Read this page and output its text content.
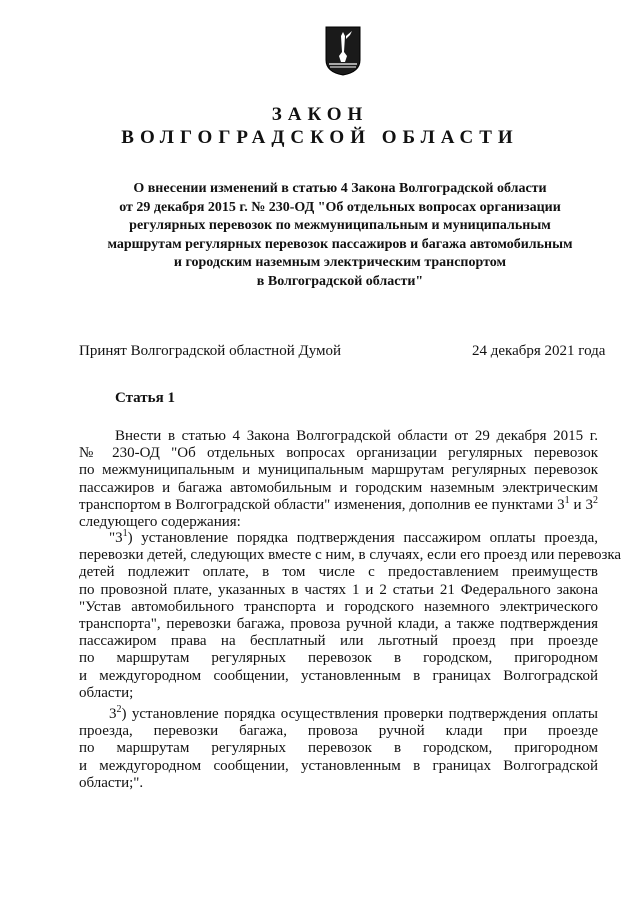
ЗАКОН
ВОЛГОГРАДСКОЙ ОБЛАСТИ
О внесении изменений в статью 4 Закона Волгоградской области
от 29 декабря 2015 г. № 230-ОД "Об отдельных вопросах организации
регулярных перевозок по межмуниципальным и муниципальным
маршрутам регулярных перевозок пассажиров и багажа автомобильным
и городским наземным электрическим транспортом
в Волгоградской области"
Принят Волгоградской областной Думой	24 декабря 2021 года
Статья 1
Внести в статью 4 Закона Волгоградской области от 29 декабря 2015 г.
№ 230-ОД "Об отдельных вопросах организации регулярных перевозок
по межмуниципальным и муниципальным маршрутам регулярных перевозок
пассажиров и багажа автомобильным и городским наземным электрическим
транспортом в Волгоградской области" изменения, дополнив ее пунктами $3^1$ и $3^2$
следующего содержания:
"$3^1$) установление порядка подтверждения пассажиром оплаты проезда,
перевозки детей, следующих вместе с ним, в случаях, если его проезд или перевозка
детей подлежит оплате, в том числе с предоставлением преимуществ
по провозной плате, указанных в частях 1 и 2 статьи 21 Федерального закона
"Устав автомобильного транспорта и городского наземного электрического
транспорта", перевозки багажа, провоза ручной клади, а также подтверждения
пассажиром права на бесплатный или льготный проезд при проезде
по маршрутам регулярных перевозок в городском, пригородном
и междугородном сообщении, установленным в границах Волгоградской
области;
$3^2$) установление порядка осуществления проверки подтверждения оплаты
проезда, перевозки багажа, провоза ручной клади при проезде
по маршрутам регулярных перевозок в городском, пригородном
и междугородном сообщении, установленным в границах Волгоградской
области;".
